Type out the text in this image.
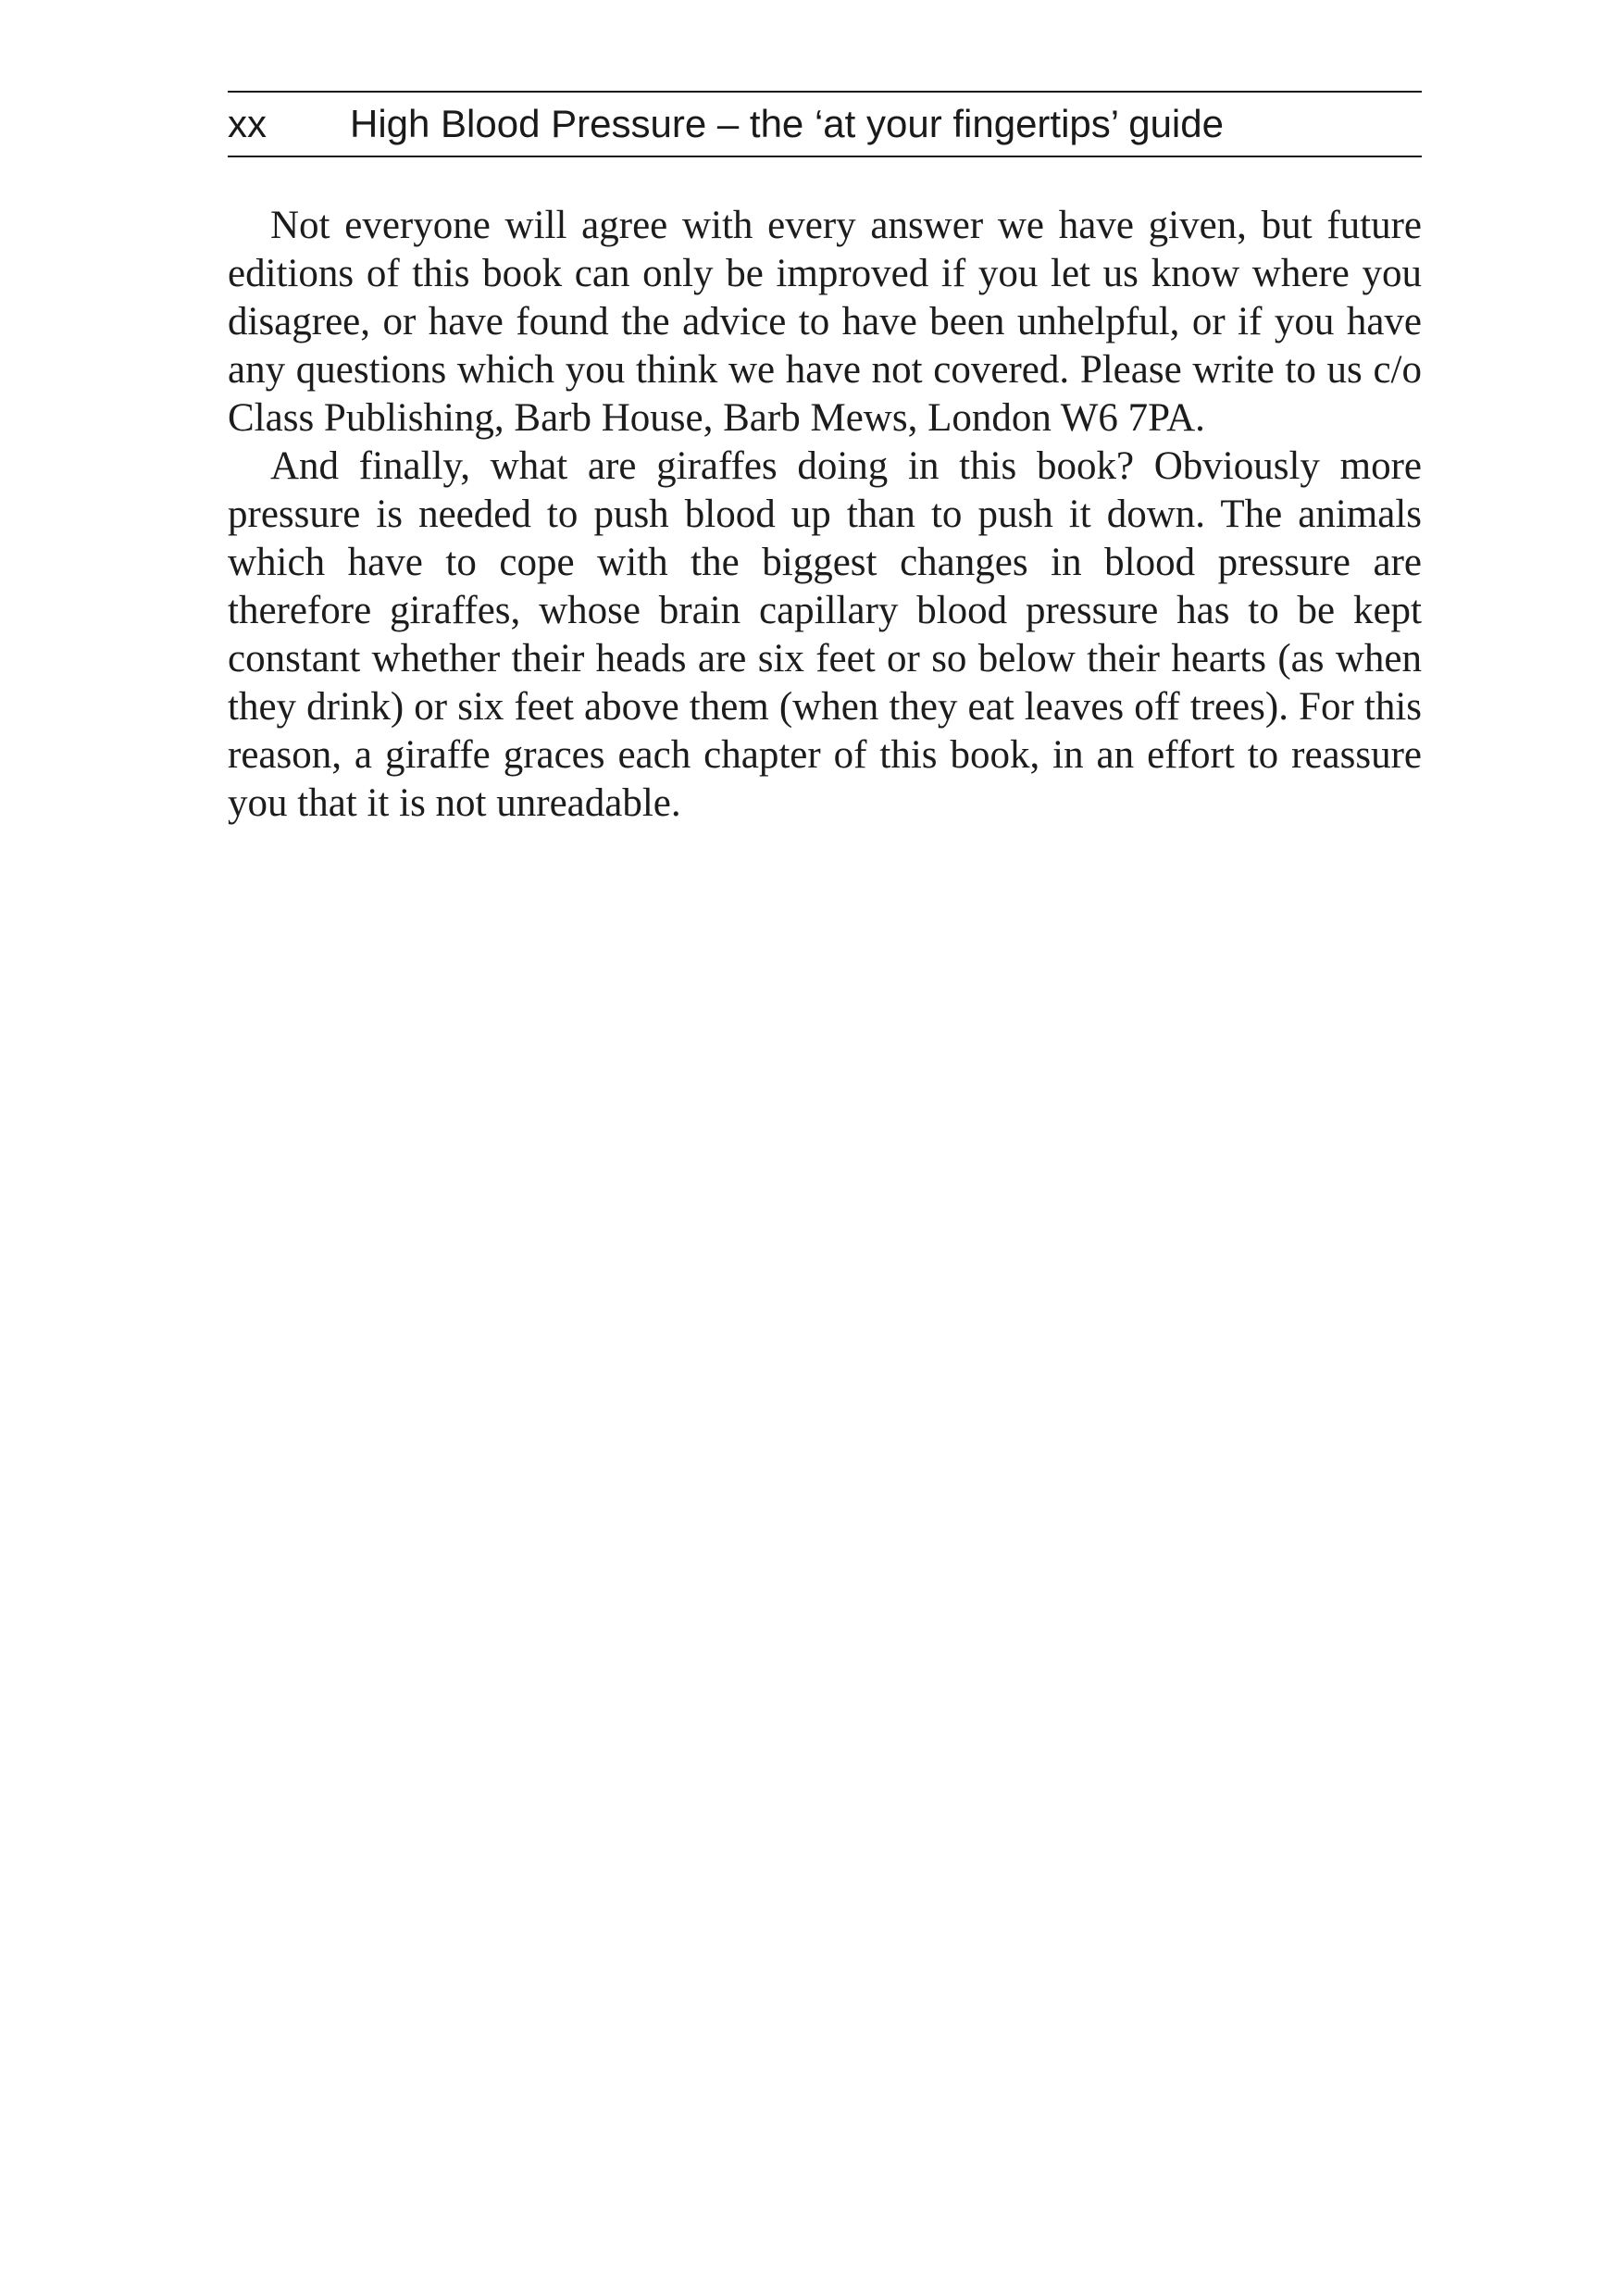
xx	High Blood Pressure – the ‘at your fingertips’ guide

Not everyone will agree with every answer we have given, but future editions of this book can only be improved if you let us know where you disagree, or have found the advice to have been unhelpful, or if you have any questions which you think we have not covered. Please write to us c/o Class Publishing, Barb House, Barb Mews, London W6 7PA.

And finally, what are giraffes doing in this book? Obviously more pressure is needed to push blood up than to push it down. The animals which have to cope with the biggest changes in blood pressure are therefore giraffes, whose brain capillary blood pressure has to be kept constant whether their heads are six feet or so below their hearts (as when they drink) or six feet above them (when they eat leaves off trees). For this reason, a giraffe graces each chapter of this book, in an effort to reassure you that it is not unreadable.
